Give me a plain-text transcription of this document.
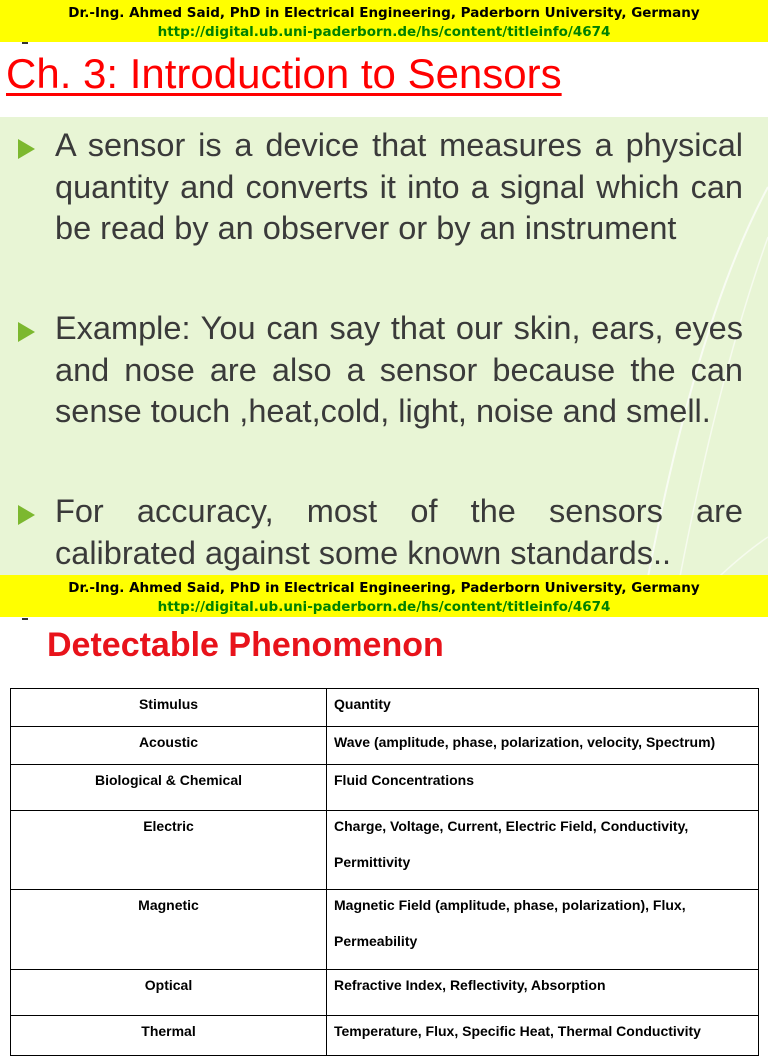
Dr.-Ing. Ahmed Said, PhD in Electrical Engineering, Paderborn University, Germany
http://digital.ub.uni-paderborn.de/hs/content/titleinfo/4674
Ch. 3: Introduction to Sensors
A sensor is a device that measures a physical quantity and converts it into a signal which can be read by an observer or by an instrument
Example: You can say that our skin, ears, eyes and nose are also a sensor because the can sense touch ,heat,cold, light, noise and smell.
For accuracy, most of the sensors are calibrated against some known standards..
Dr.-Ing. Ahmed Said, PhD in Electrical Engineering, Paderborn University, Germany
http://digital.ub.uni-paderborn.de/hs/content/titleinfo/4674
Detectable Phenomenon
Stimulus	Quantity
Acoustic	Wave (amplitude, phase, polarization, velocity, Spectrum)
Biological & Chemical	Fluid Concentrations
Electric	Charge, Voltage, Current, Electric Field, Conductivity,
Permittivity

Magnetic	Magnetic Field (amplitude, phase, polarization), Flux,
Permeability

Optical	Refractive Index, Reflectivity, Absorption
Thermal	Temperature, Flux, Specific Heat, Thermal Conductivity
